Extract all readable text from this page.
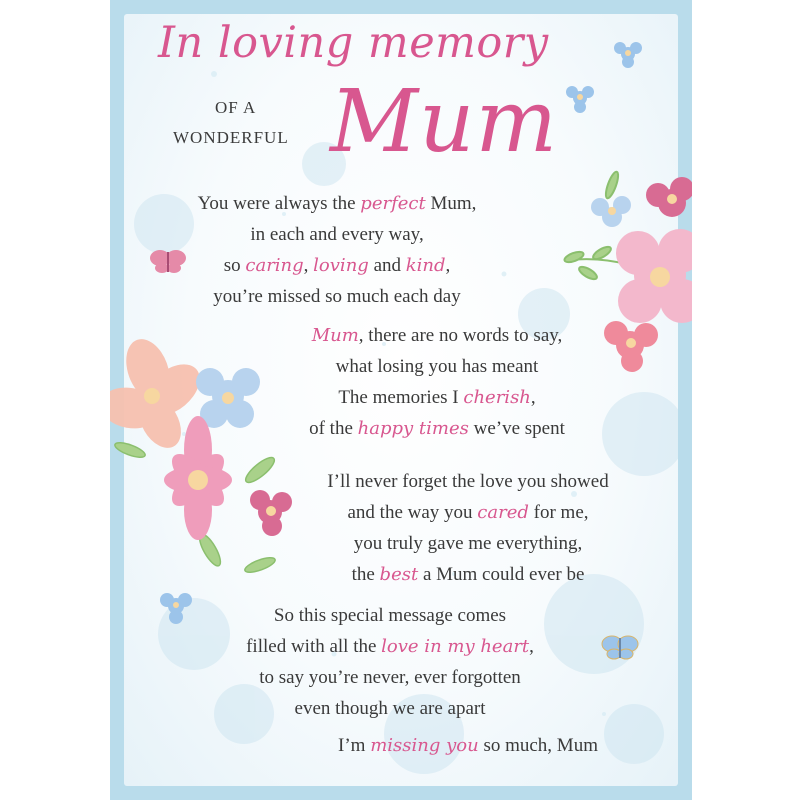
In loving memory
OF A
WONDERFUL Mum
You were always the perfect Mum,
in each and every way,
so caring, loving and kind,
you’re missed so much each day
Mum, there are no words to say,
what losing you has meant
The memories I cherish,
of the happy times we’ve spent
I’ll never forget the love you showed
and the way you cared for me,
you truly gave me everything,
the best a Mum could ever be
So this special message comes
filled with all the love in my heart,
to say you’re never, ever forgotten
even though we are apart
I’m missing you so much, Mum
